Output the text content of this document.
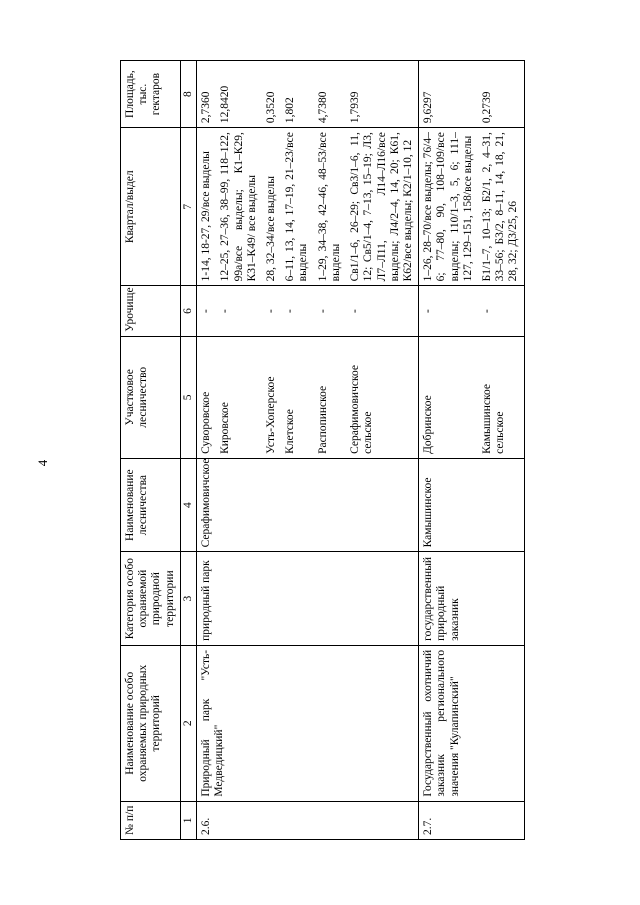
4
№ п/п	Наименование особо охраняемых природных территорий	Категория особо охраняемой природной территории	Наименование лесничества	Участковое лесничество	Урочище	Квартал/выдел	Площадь, тыс. гектаров
1	2	3	4	5	6	7	8
2.6.	Природный парк "Усть-Медведицкий"	природный парк	Серафимовичское	Суворовское	-	1-14, 18-27, 29/все выделы	2,7360
				Кировское	-	12–25, 27–36, 38–99, 118–122, 99а/все выделы; К1–К29, К31–К49/ все выделы	12,8420
				Усть-Хоперское	-	28, 32–34/все выделы	0,3520
				Клетское	-	6–11, 13, 14, 17–19, 21–23/все выделы	1,802
				Распопинское	-	1–29, 34–38, 42–46, 48–53/все выделы	4,7380
				Серафимовичское сельское	-	Св1/1–6, 26–29; Св3/1–6, 11, 12; Св5/1–4, 7–13, 15–19; Л3, Л7–Л11, Л14–Л16/все выделы; Л4/2–4, 14, 20; К61, К62/все выделы; К2/1–10, 12	1,7939
2.7.	Государственный охотничий заказник регионального значения "Кулапинский"	государственный природный заказник	Камышинское	Добринское	-	1–26, 28–70/все выделы; 76/4–6; 77–80, 90, 108–109/все выделы; 110/1–3, 5, 6; 111–127, 129–151, 158/все выделы	9,6297
				Камышинское сельское	-	Б1/1–7, 10–13; Б2/1, 2, 4–31, 33–56; Б3/2, 8–11, 14, 18, 21, 28, 32; Д3/25, 26	0,2739
